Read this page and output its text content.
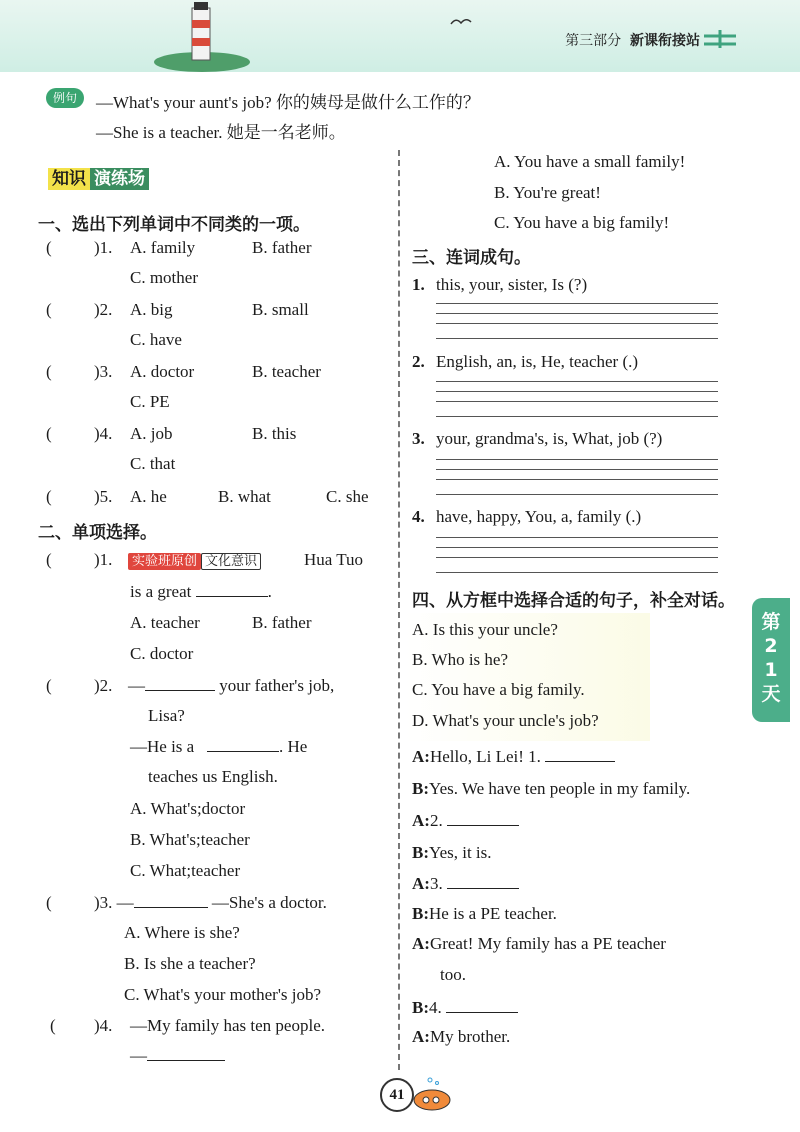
第三部分 新课衔接站
第21天
例句	—What's your aunt's job? 你的姨母是做什么工作的？
—She is a teacher. 她是一名老师。
知识 演练场
一、选出下列单词中不同类的一项。
( )1. A. family	B. father
C. mother
( )2. A. big	B. small
C. have
( )3. A. doctor	B. teacher
C. PE
( )4. A. job	B. this
C. that
( )5. A. he	B. what	C. she
二、单项选择。
( )1.	实验班原创 文化意识	Hua Tuo
is a great	.
A. teacher	B. father
C. doctor
( )2. —	your father's job,
Lisa?
—He is a	. He
teaches us English.
A. What's;doctor
B. What's;teacher
C. What;teacher
( )3. —	—She's a doctor.
A. Where is she?
B. Is she a teacher?
C. What's your mother's job?
( )4. —My family has ten people.
—
A. You have a small family!
B. You're great!
C. You have a big family!
三、连词成句。
1. this, your, sister, Is (?)
2. English, an, is, He, teacher (.)
3. your, grandma's, is, What, job (?)
4. have, happy, You, a, family (.)
四、从方框中选择合适的句子，补全对话。
A. Is this your uncle?
B. Who is he?
C. You have a big family.
D. What's your uncle's job?
A:Hello, Li Lei! 1.
B:Yes. We have ten people in my family.
A:2.
B:Yes, it is.
A:3.
B:He is a PE teacher.
A:Great! My family has a PE teacher
too.
B:4.
A:My brother.
41
